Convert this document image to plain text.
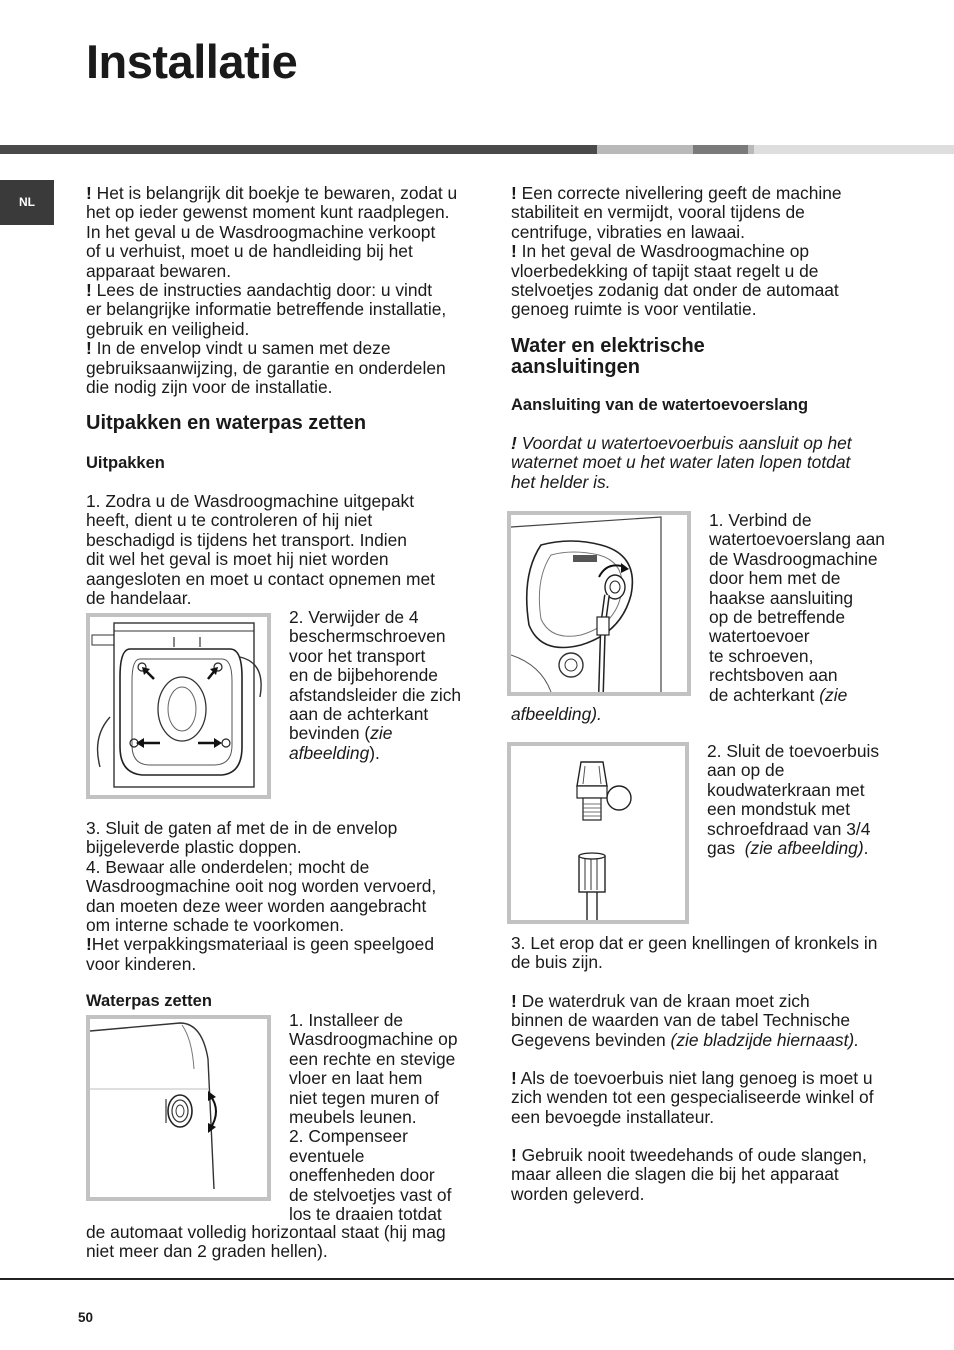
Installatie
NL	! Het is belangrijk dit boekje te bewaren, zodat u
het op ieder gewenst moment kunt raadplegen.
In het geval u de Wasdroogmachine verkoopt
of u verhuist, moet u de handleiding bij het
apparaat bewaren.
! Lees de instructies aandachtig door: u vindt
er belangrijke informatie betreffende installatie,
gebruik en veiligheid.
! In de envelop vindt u samen met deze
gebruiksaanwijzing, de garantie en onderdelen
die nodig zijn voor de installatie.
Uitpakken en waterpas zetten
Uitpakken
1. Zodra u de Wasdroogmachine uitgepakt
heeft, dient u te controleren of hij niet
beschadigd is tijdens het transport. Indien
dit wel het geval is moet hij niet worden
aangesloten en moet u contact opnemen met
de handelaar.
2. Verwijder de 4
beschermschroeven
voor het transport
en de bijbehorende
afstandsleider die zich
aan de achterkant
bevinden (zie
afbeelding).
3. Sluit de gaten af met de in de envelop
bijgeleverde plastic doppen.
4. Bewaar alle onderdelen; mocht de
Wasdroogmachine ooit nog worden vervoerd,
dan moeten deze weer worden aangebracht
om interne schade te voorkomen.
!Het verpakkingsmateriaal is geen speelgoed
voor kinderen.
Waterpas zetten
1. Installeer de
Wasdroogmachine op
een rechte en stevige
vloer en laat hem
niet tegen muren of
meubels leunen.
2. Compenseer
eventuele
oneffenheden door
de stelvoetjes vast of
los te draaien totdat
de automaat volledig horizontaal staat (hij mag
niet meer dan 2 graden hellen).
! Een correcte nivellering geeft de machine
stabiliteit en vermijdt, vooral tijdens de
centrifuge, vibraties en lawaai.
! In het geval de Wasdroogmachine op
vloerbedekking of tapijt staat regelt u de
stelvoetjes zodanig dat onder de automaat
genoeg ruimte is voor ventilatie.
Water en elektrische
aansluitingen
Aansluiting van de watertoevoerslang
! Voordat u watertoevoerbuis aansluit op het
waternet moet u het water laten lopen totdat
het helder is.
1. Verbind de
watertoevoerslang aan
de Wasdroogmachine
door hem met de
haakse aansluiting
op de betreffende
watertoevoer
te schroeven,
rechtsboven aan
de achterkant (zie
afbeelding).
2. Sluit de toevoerbuis
aan op de
koudwaterkraan met
een mondstuk met
schroefdraad van 3/4
gas  (zie afbeelding).
3. Let erop dat er geen knellingen of kronkels in
de buis zijn.
! De waterdruk van de kraan moet zich
binnen de waarden van de tabel Technische
Gegevens bevinden (zie bladzijde hiernaast).
! Als de toevoerbuis niet lang genoeg is moet u
zich wenden tot een gespecialiseerde winkel of
een bevoegde installateur.
! Gebruik nooit tweedehands of oude slangen,
maar alleen die slagen die bij het apparaat
worden geleverd.
50
